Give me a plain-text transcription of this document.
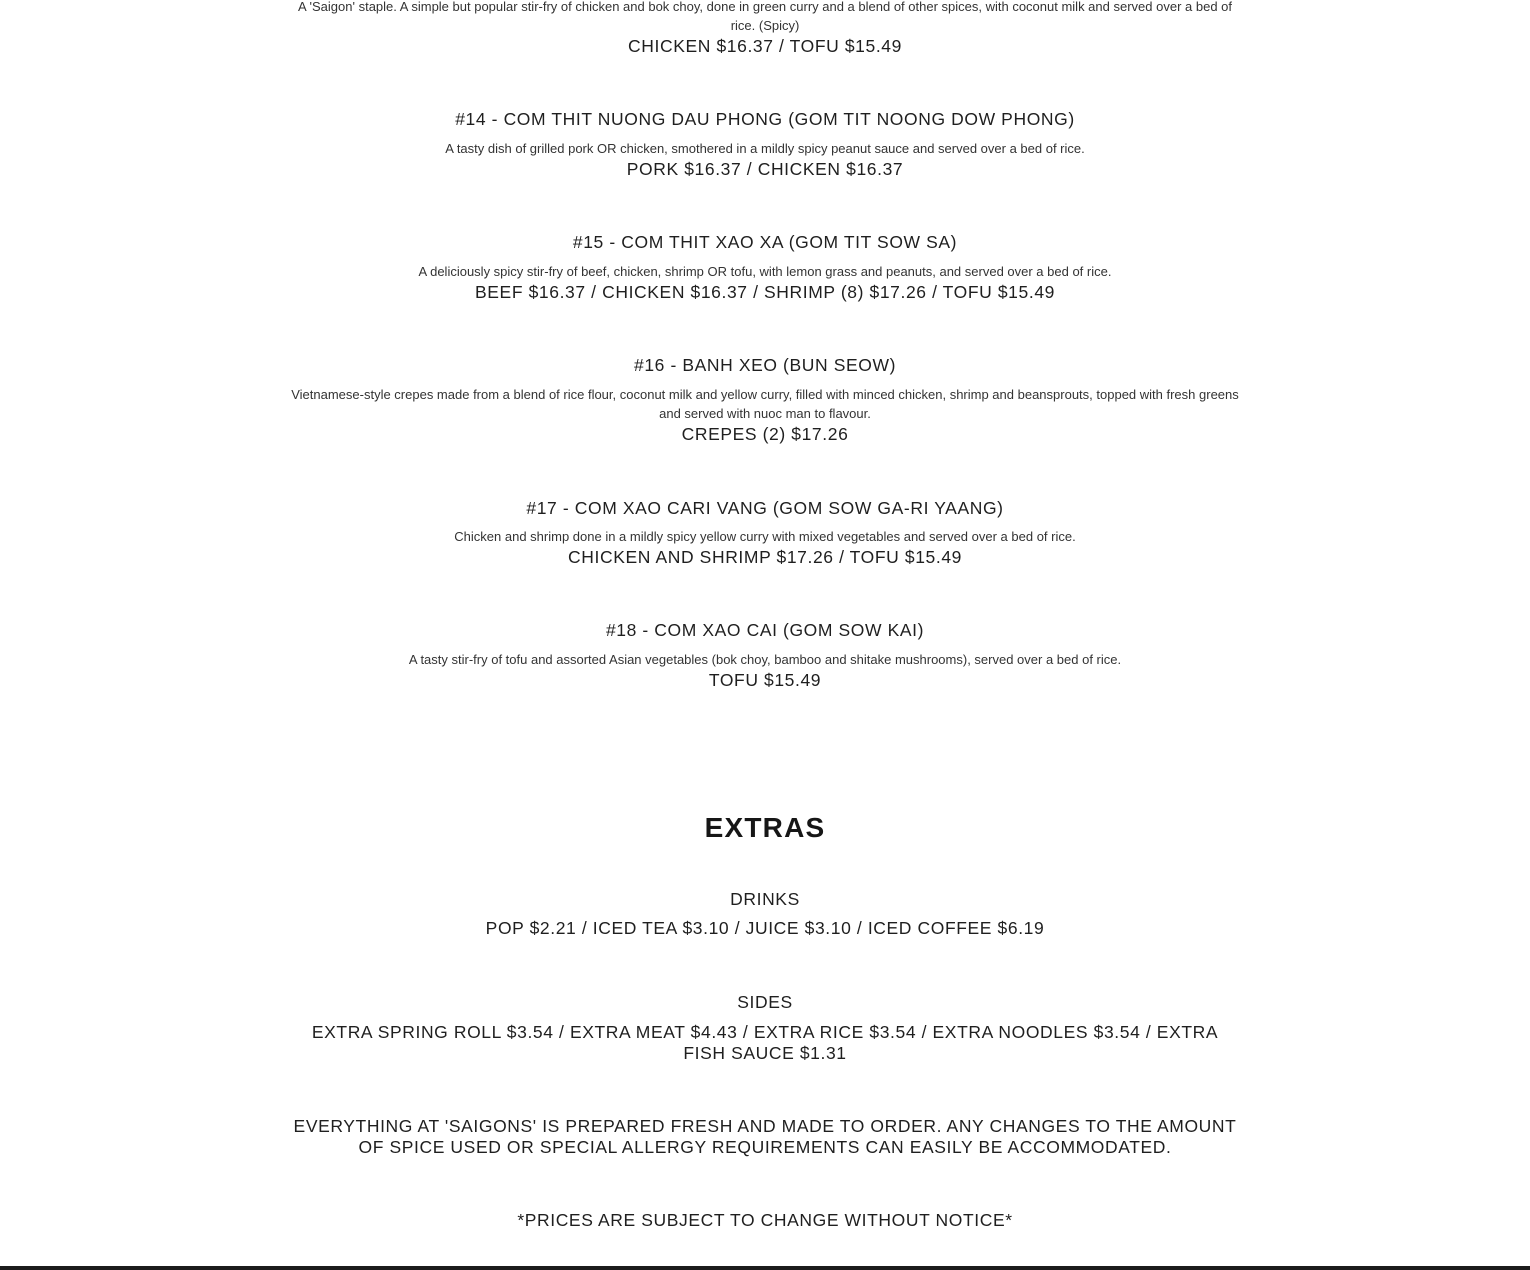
A 'Saigon' staple. A simple but popular stir-fry of chicken and bok choy, done in green curry and a blend of other spices, with coconut milk and served over a bed of rice. (Spicy)
CHICKEN $16.37 / TOFU $15.49
#14 - COM THIT NUONG DAU PHONG (GOM TIT NOONG DOW PHONG)
A tasty dish of grilled pork OR chicken, smothered in a mildly spicy peanut sauce and served over a bed of rice.
PORK $16.37 / CHICKEN $16.37
#15 - COM THIT XAO XA (GOM TIT SOW SA)
A deliciously spicy stir-fry of beef, chicken, shrimp OR tofu, with lemon grass and peanuts, and served over a bed of rice.
BEEF $16.37 / CHICKEN $16.37 / SHRIMP (8) $17.26 / TOFU $15.49
#16 - BANH XEO (BUN SEOW)
Vietnamese-style crepes made from a blend of rice flour, coconut milk and yellow curry, filled with minced chicken, shrimp and beansprouts, topped with fresh greens and served with nuoc man to flavour.
CREPES (2) $17.26
#17 - COM XAO CARI VANG (GOM SOW GA-RI YAANG)
Chicken and shrimp done in a mildly spicy yellow curry with mixed vegetables and served over a bed of rice.
CHICKEN AND SHRIMP $17.26 / TOFU $15.49
#18 - COM XAO CAI (GOM SOW KAI)
A tasty stir-fry of tofu and assorted Asian vegetables (bok choy, bamboo and shitake mushrooms), served over a bed of rice.
TOFU $15.49
EXTRAS
DRINKS
POP $2.21 / ICED TEA $3.10 / JUICE $3.10 / ICED COFFEE $6.19
SIDES
EXTRA SPRING ROLL $3.54 / EXTRA MEAT $4.43 / EXTRA RICE $3.54 / EXTRA NOODLES $3.54 / EXTRA FISH SAUCE $1.31
EVERYTHING AT 'SAIGONS' IS PREPARED FRESH AND MADE TO ORDER. ANY CHANGES TO THE AMOUNT OF SPICE USED OR SPECIAL ALLERGY REQUIREMENTS CAN EASILY BE ACCOMMODATED.
*PRICES ARE SUBJECT TO CHANGE WITHOUT NOTICE*
